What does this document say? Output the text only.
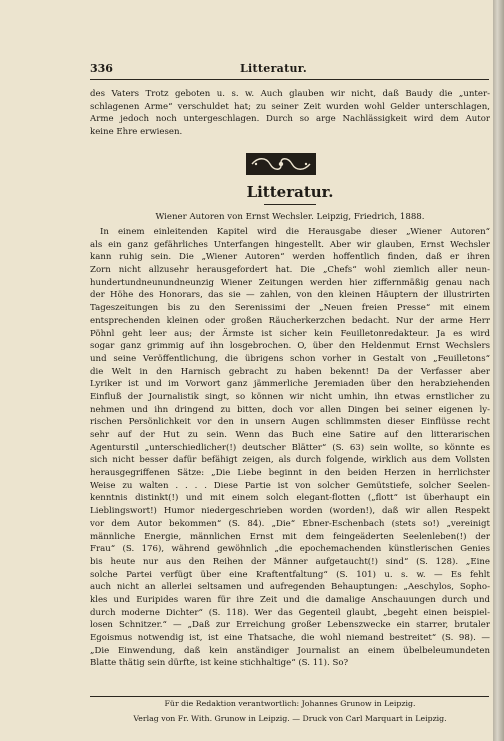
336	Litteratur.
des Vaters Trotz geboten u. s. w. Auch glauben wir nicht, daß Baudy die „unter-
schlagenen Arme“ verschuldet hat; zu seiner Zeit wurden wohl Gelder unterschlagen,
Arme jedoch noch untergeschlagen. Durch so arge Nachlässigkeit wird dem Autor
keine Ehre erwiesen.
Litteratur.
Wiener Autoren von Ernst Wechsler. Leipzig, Friedrich, 1888.
In einem einleitenden Kapitel wird die Herausgabe dieser „Wiener Autoren“
als ein ganz gefährliches Unterfangen hingestellt. Aber wir glauben, Ernst Wechsler
kann ruhig sein. Die „Wiener Autoren“ werden hoffentlich finden, daß er ihren
Zorn nicht allzusehr herausgefordert hat. Die „Chefs“ wohl ziemlich aller neun-
hundertundneunundneunzig Wiener Zeitungen werden hier ziffernmäßig genau nach
der Höhe des Honorars, das sie — zahlen, von den kleinen Häuptern der illustrirten
Tageszeitungen bis zu den Serenissimi der „Neuen freien Presse“ mit einem
entsprechenden kleinen oder großen Räucherkerzchen bedacht. Nur der arme Herr
Pöhnl geht leer aus; der Ärmste ist sicher kein Feuilletonredakteur. Ja es wird
sogar ganz grimmig auf ihn losgebrochen. O, über den Heldenmut Ernst Wechslers
und seine Veröffentlichung, die übrigens schon vorher in Gestalt von „Feuilletons“
die Welt in den Harnisch gebracht zu haben bekennt! Da der Verfasser aber
Lyriker ist und im Vorwort ganz jämmerliche Jeremiaden über den herabziehenden
Einfluß der Journalistik singt, so können wir nicht umhin, ihn etwas ernstlicher zu
nehmen und ihn dringend zu bitten, doch vor allen Dingen bei seiner eigenen ly-
rischen Persönlichkeit vor den in unsern Augen schlimmsten dieser Einflüsse recht
sehr auf der Hut zu sein. Wenn das Buch eine Satire auf den litterarischen
Agenturstil „unterschiedlicher(!) deutscher Blätter“ (S. 63) sein wollte, so könnte es
sich nicht besser dafür befähigt zeigen, als durch folgende, wirklich aus dem Vollsten
herausgegriffenen Sätze: „Die Liebe beginnt in den beiden Herzen in herrlichster
Weise zu walten . . . . Diese Partie ist von solcher Gemütstiefe, solcher Seelen-
kenntnis distinkt(!) und mit einem solch elegant-flotten („flott“ ist überhaupt ein
Lieblingswort!) Humor niedergeschrieben worden (worden!), daß wir allen Respekt
vor dem Autor bekommen“ (S. 84). „Die“ Ebner-Eschenbach (stets so!) „vereinigt
männliche Energie, männlichen Ernst mit dem feingeäderten Seelenleben(!) der
Frau“ (S. 176), während gewöhnlich „die epochemachenden künstlerischen Genies
bis heute nur aus den Reihen der Männer aufgetaucht(!) sind“ (S. 128). „Eine
solche Partei verfügt über eine Kraftentfaltung“ (S. 101) u. s. w. — Es fehlt
auch nicht an allerlei seltsamen und aufregenden Behauptungen: „Aeschylos, Sopho-
kles und Euripides waren für ihre Zeit und die damalige Anschauungen durch und
durch moderne Dichter“ (S. 118). Wer das Gegenteil glaubt, „begeht einen beispiel-
losen Schnitzer.“ — „Daß zur Erreichung großer Lebenszwecke ein starrer, brutaler
Egoismus notwendig ist, ist eine Thatsache, die wohl niemand bestreitet“ (S. 98). —
„Die Einwendung, daß kein anständiger Journalist an einem übelbeleumundeten
Blatte thätig sein dürfte, ist keine stichhaltige“ (S. 11). So?
Für die Redaktion verantwortlich: Johannes Grunow in Leipzig.
Verlag von Fr. With. Grunow in Leipzig. — Druck von Carl Marquart in Leipzig.
